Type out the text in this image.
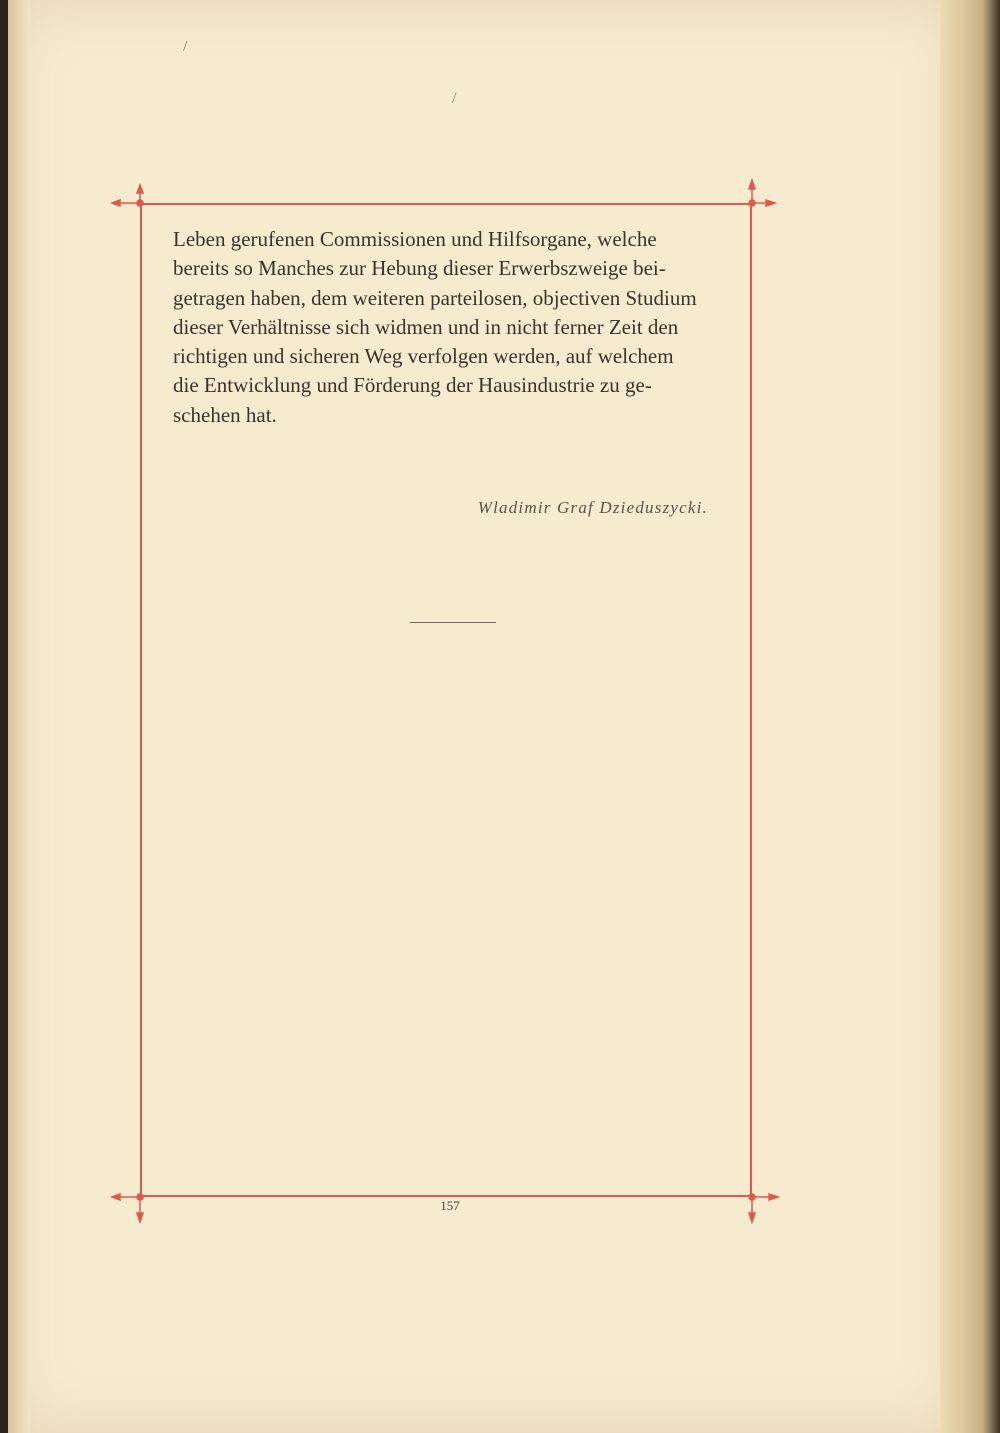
/
/

Leben gerufenen Commissionen und Hilfsorgane, welche

bereits so Manches zur Hebung dieser Erwerbszweige bei-

getragen haben, dem weiteren parteilosen, objectiven Studium

dieser Verhältnisse sich widmen und in nicht ferner Zeit den

richtigen und sicheren Weg verfolgen werden, auf welchem

die Entwicklung und Förderung der Hausindustrie zu ge-

schehen hat.

Wladimir Graf Dzieduszycki.
157
